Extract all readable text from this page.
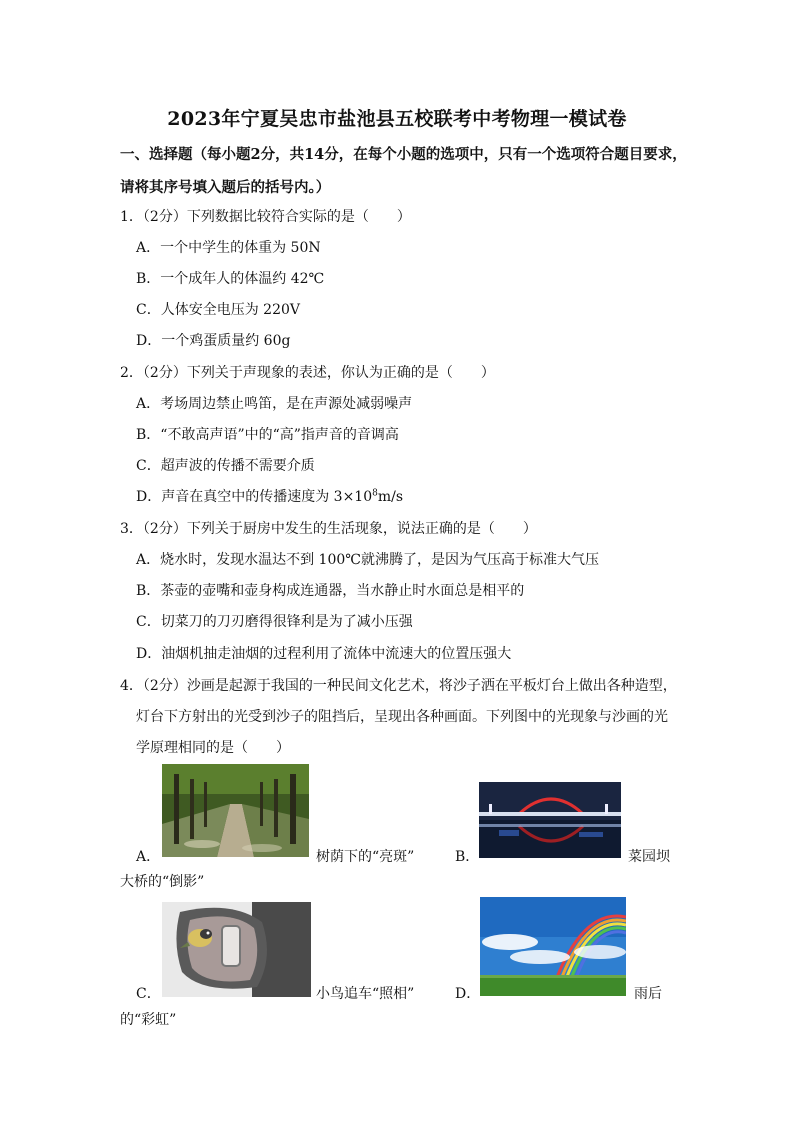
2023年宁夏吴忠市盐池县五校联考中考物理一模试卷
一、选择题（每小题2分，共14分，在每个小题的选项中，只有一个选项符合题目要求，
请将其序号填入题后的括号内。）
1．（2分）下列数据比较符合实际的是（　　）
A．一个中学生的体重为 50N
B．一个成年人的体温约 42℃
C．人体安全电压为 220V
D．一个鸡蛋质量约 60g
2．（2分）下列关于声现象的表述，你认为正确的是（　　）
A．考场周边禁止鸣笛，是在声源处减弱噪声
B．“不敢高声语”中的“高”指声音的音调高
C．超声波的传播不需要介质
D．声音在真空中的传播速度为 $3\times 10^8m/s$
3．（2分）下列关于厨房中发生的生活现象，说法正确的是（　　）
A．烧水时，发现水温达不到 100℃就沸腾了，是因为气压高于标准大气压
B．茶壶的壶嘴和壶身构成连通器，当水静止时水面总是相平的
C．切菜刀的刀刃磨得很锋利是为了减小压强
D．油烟机抽走油烟的过程利用了流体中流速大的位置压强大
4．（2分）沙画是起源于我国的一种民间文化艺术，将沙子洒在平板灯台上做出各种造型，
灯台下方射出的光受到沙子的阻挡后，呈现出各种画面。下列图中的光现象与沙画的光
学原理相同的是（　　）
A．	树荫下的“亮斑”	B．	菜园坝
大桥的“倒影”
C．	小鸟追车“照相”	D．	雨后
的“彩虹”
